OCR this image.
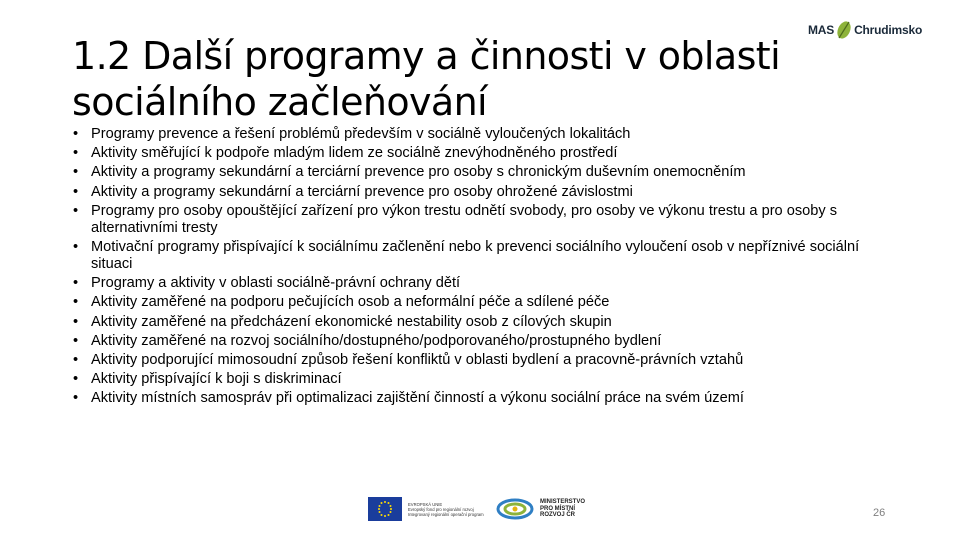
1.2 Další programy a činnosti v oblasti
sociálního začleňování
MAS Chrudimsko
• Programy prevence a řešení problémů především v sociálně vyloučených lokalitách
• Aktivity směřující k podpoře mladým lidem ze sociálně znevýhodněného prostředí
• Aktivity a programy sekundární a terciární prevence pro osoby s chronickým duševním onemocněním
• Aktivity a programy sekundární a terciární prevence pro osoby ohrožené závislostmi
• Programy pro osoby opouštějící zařízení pro výkon trestu odnětí svobody, pro osoby ve výkonu trestu a pro osoby s alternativními tresty
• Motivační programy přispívající k sociálnímu začlenění nebo k prevenci sociálního vyloučení osob v nepříznivé sociální situaci
• Programy a aktivity v oblasti sociálně-právní ochrany dětí
• Aktivity zaměřené na podporu pečujících osob a neformální péče a sdílené péče
• Aktivity zaměřené na předcházení ekonomické nestability osob z cílových skupin
• Aktivity zaměřené na rozvoj sociálního/dostupného/podporovaného/prostupného bydlení
• Aktivity podporující mimosoudní způsob řešení konfliktů v oblasti bydlení a pracovně-právních vztahů
• Aktivity přispívající k boji s diskriminací
• Aktivity místních samospráv při optimalizaci zajištění činností a výkonu sociální práce na svém území
EVROPSKÁ UNIE
Evropský fond pro regionální rozvoj
Integrovaný regionální operační program
MINISTERSTVO
PRO MÍSTNÍ
ROZVOJ ČR	26
